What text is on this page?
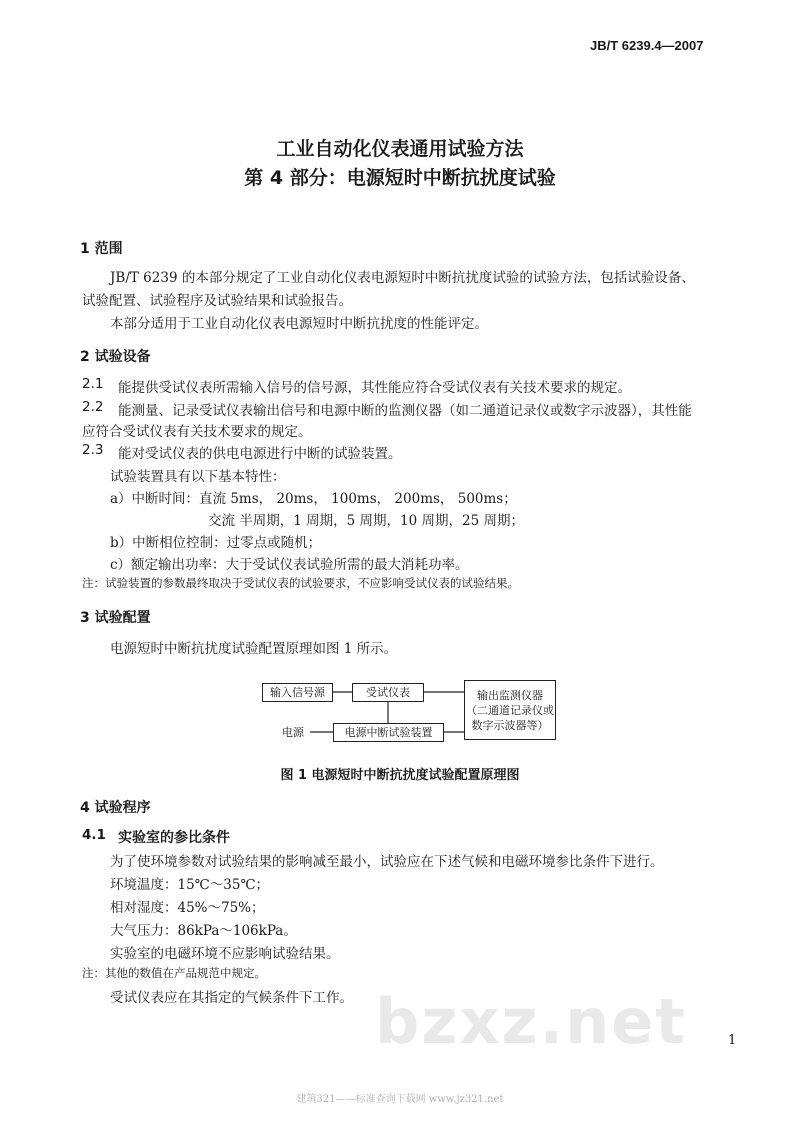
JB/T 6239.4—2007
工业自动化仪表通用试验方法
第 4 部分：电源短时中断抗扰度试验
1 范围
JB/T 6239 的本部分规定了工业自动化仪表电源短时中断抗扰度试验的试验方法，包括试验设备、
试验配置、试验程序及试验结果和试验报告。
本部分适用于工业自动化仪表电源短时中断抗扰度的性能评定。
2 试验设备
2.1 能提供受试仪表所需输入信号的信号源，其性能应符合受试仪表有关技术要求的规定。
2.2 能测量、记录受试仪表输出信号和电源中断的监测仪器（如二通道记录仪或数字示波器），其性能
应符合受试仪表有关技术要求的规定。
2.3 能对受试仪表的供电电源进行中断的试验装置。
试验装置具有以下基本特性：
a）中断时间：直流 5ms， 20ms， 100ms， 200ms， 500ms；
交流 半周期，1 周期，5 周期，10 周期，25 周期；
b）中断相位控制：过零点或随机；
c）额定输出功率：大于受试仪表试验所需的最大消耗功率。
注：试验装置的参数最终取决于受试仪表的试验要求，不应影响受试仪表的试验结果。
3 试验配置
电源短时中断抗扰度试验配置原理如图 1 所示。
输入信号源	受试仪表
电源中断试验装置
输出监测仪器
（二通道记录仪或
数字示波器等）
电源
图 1 电源短时中断抗扰度试验配置原理图
4 试验程序
4.1 实验室的参比条件
为了使环境参数对试验结果的影响减至最小，试验应在下述气候和电磁环境参比条件下进行。
环境温度：15℃～35℃；
相对湿度：45%～75%；
大气压力：86kPa～106kPa。
实验室的电磁环境不应影响试验结果。
注：其他的数值在产品规范中规定。
受试仪表应在其指定的气候条件下工作。 bzxz.net	1
建筑321——标准查询下载网 www.jz321.net
